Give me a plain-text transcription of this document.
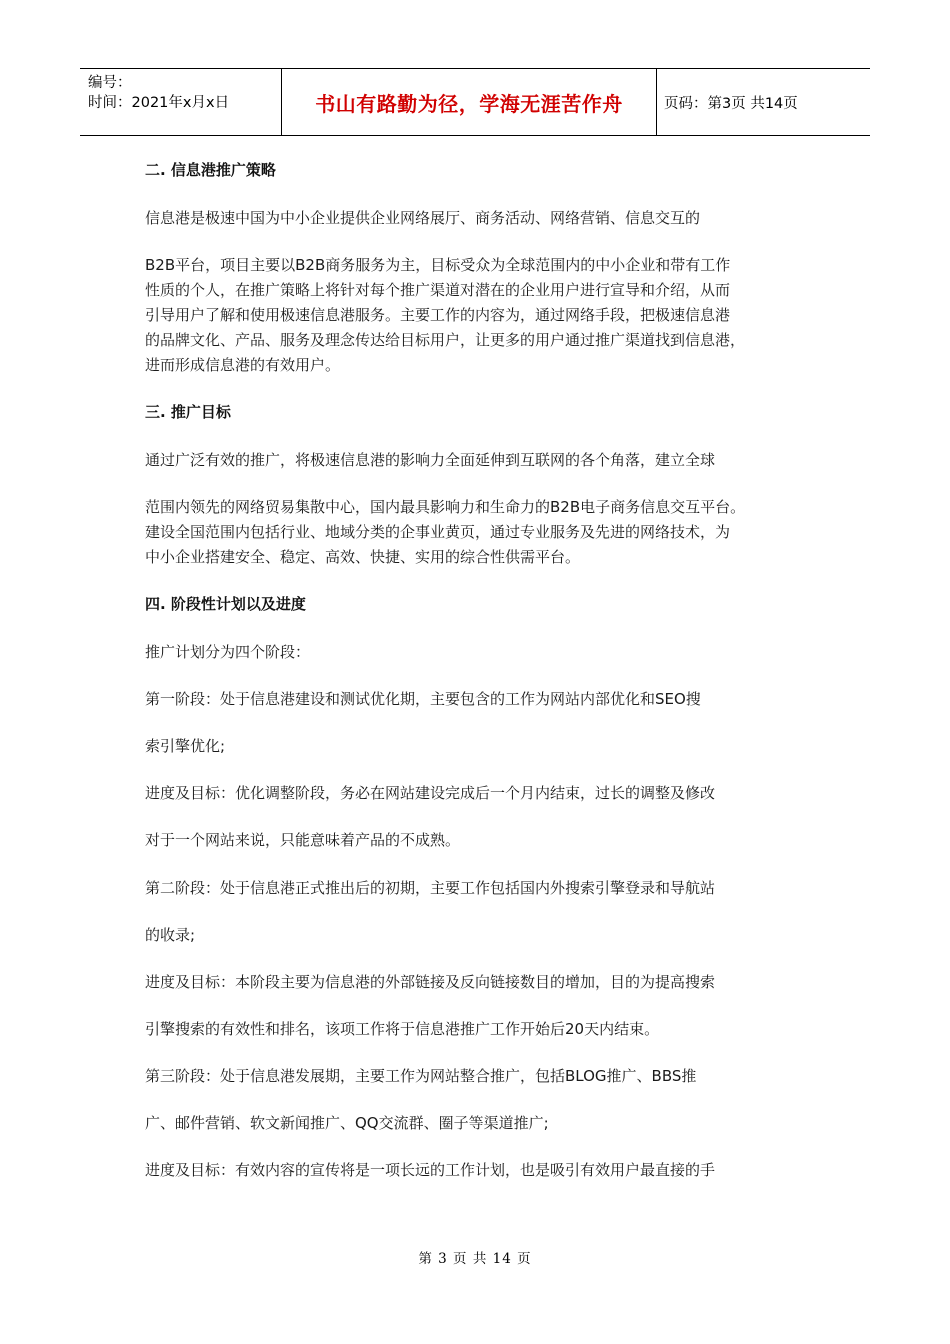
编号：
时间：2021年x月x日	书山有路勤为径，学海无涯苦作舟	页码：第3页 共14页
二. 信息港推广策略
信息港是极速中国为中小企业提供企业网络展厅、商务活动、网络营销、信息交互的
B2B平台，项目主要以B2B商务服务为主，目标受众为全球范围内的中小企业和带有工作
性质的个人，在推广策略上将针对每个推广渠道对潜在的企业用户进行宣导和介绍，从而
引导用户了解和使用极速信息港服务。主要工作的内容为，通过网络手段，把极速信息港
的品牌文化、产品、服务及理念传达给目标用户，让更多的用户通过推广渠道找到信息港，
进而形成信息港的有效用户。
三. 推广目标
通过广泛有效的推广，将极速信息港的影响力全面延伸到互联网的各个角落，建立全球
范围内领先的网络贸易集散中心，国内最具影响力和生命力的B2B电子商务信息交互平台。
建设全国范围内包括行业、地域分类的企事业黄页，通过专业服务及先进的网络技术，为
中小企业搭建安全、稳定、高效、快捷、实用的综合性供需平台。
四. 阶段性计划以及进度
推广计划分为四个阶段：
第一阶段：处于信息港建设和测试优化期，主要包含的工作为网站内部优化和SEO搜
索引擎优化;
进度及目标：优化调整阶段，务必在网站建设完成后一个月内结束，过长的调整及修改
对于一个网站来说，只能意味着产品的不成熟。
第二阶段：处于信息港正式推出后的初期，主要工作包括国内外搜索引擎登录和导航站
的收录;
进度及目标：本阶段主要为信息港的外部链接及反向链接数目的增加，目的为提高搜索
引擎搜索的有效性和排名，该项工作将于信息港推广工作开始后20天内结束。
第三阶段：处于信息港发展期，主要工作为网站整合推广，包括BLOG推广、BBS推
广、邮件营销、软文新闻推广、QQ交流群、圈子等渠道推广;
进度及目标：有效内容的宣传将是一项长远的工作计划，也是吸引有效用户最直接的手
第 3 页 共 14 页
